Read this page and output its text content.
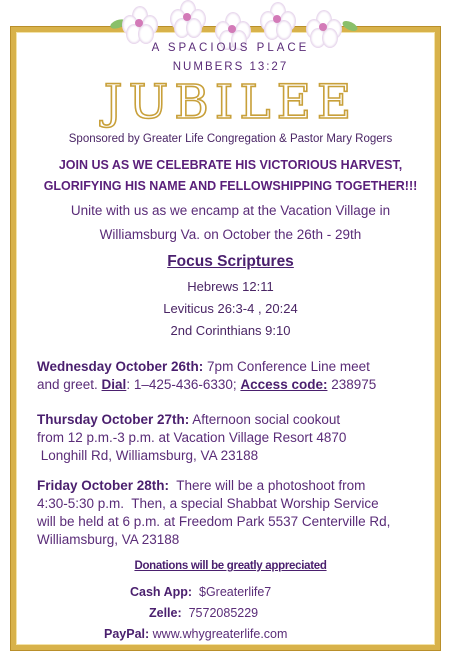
A SPACIOUS PLACE
NUMBERS 13:27
JUBILEE
Sponsored by Greater Life Congregation & Pastor Mary Rogers
JOIN US AS WE CELEBRATE HIS VICTORIOUS HARVEST,
GLORIFYING HIS NAME AND FELLOWSHIPPING TOGETHER!!!
Unite with us as we encamp at the Vacation Village in
Williamsburg Va. on October the 26th - 29th
Focus Scriptures
Hebrews 12:11
Leviticus 26:3-4 , 20:24
2nd Corinthians 9:10
Wednesday October 26th: 7pm Conference Line meet
and greet. Dial: 1–425-436-6330; Access code: 238975
Thursday October 27th: Afternoon social cookout
from 12 p.m.-3 p.m. at Vacation Village Resort 4870
Longhill Rd, Williamsburg, VA 23188
Friday October 28th:  There will be a photoshoot from
4:30-5:30 p.m.  Then, a special Shabbat Worship Service
will be held at 6 p.m. at Freedom Park 5537 Centerville Rd,
Williamsburg, VA 23188
Donations will be greatly appreciated
Cash App:  $Greaterlife7
Zelle:  7572085229
PayPal: www.whygreaterlife.com
